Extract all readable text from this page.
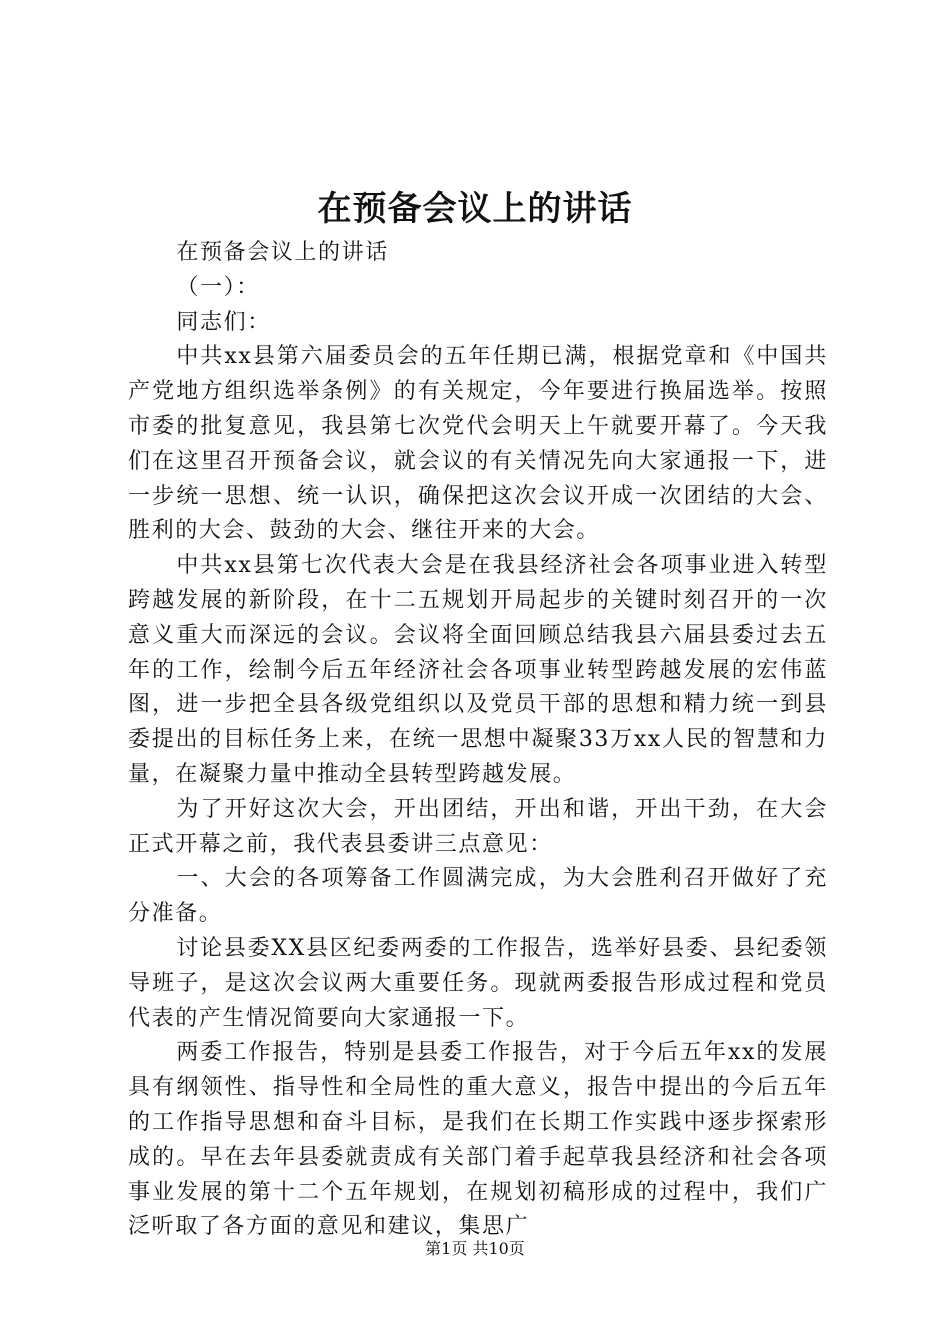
在预备会议上的讲话

在预备会议上的讲话

（一）：

同志们：

中共xx县第六届委员会的五年任期已满，根据党章和《中国共产党地方组织选举条例》的有关规定，今年要进行换届选举。按照市委的批复意见，我县第七次党代会明天上午就要开幕了。今天我们在这里召开预备会议，就会议的有关情况先向大家通报一下，进一步统一思想、统一认识，确保把这次会议开成一次团结的大会、胜利的大会、鼓劲的大会、继往开来的大会。

中共xx县第七次代表大会是在我县经济社会各项事业进入转型跨越发展的新阶段，在十二五规划开局起步的关键时刻召开的一次意义重大而深远的会议。会议将全面回顾总结我县六届县委过去五年的工作，绘制今后五年经济社会各项事业转型跨越发展的宏伟蓝图，进一步把全县各级党组织以及党员干部的思想和精力统一到县委提出的目标任务上来，在统一思想中凝聚33万xx人民的智慧和力量，在凝聚力量中推动全县转型跨越发展。

为了开好这次大会，开出团结，开出和谐，开出干劲，在大会正式开幕之前，我代表县委讲三点意见：

一、大会的各项筹备工作圆满完成，为大会胜利召开做好了充分准备。

讨论县委XX县区纪委两委的工作报告，选举好县委、县纪委领导班子，是这次会议两大重要任务。现就两委报告形成过程和党员代表的产生情况简要向大家通报一下。

两委工作报告，特别是县委工作报告，对于今后五年xx的发展具有纲领性、指导性和全局性的重大意义，报告中提出的今后五年的工作指导思想和奋斗目标，是我们在长期工作实践中逐步探索形成的。早在去年县委就责成有关部门着手起草我县经济和社会各项事业发展的第十二个五年规划，在规划初稿形成的过程中，我们广泛听取了各方面的意见和建议，集思广

第1页 共10页
